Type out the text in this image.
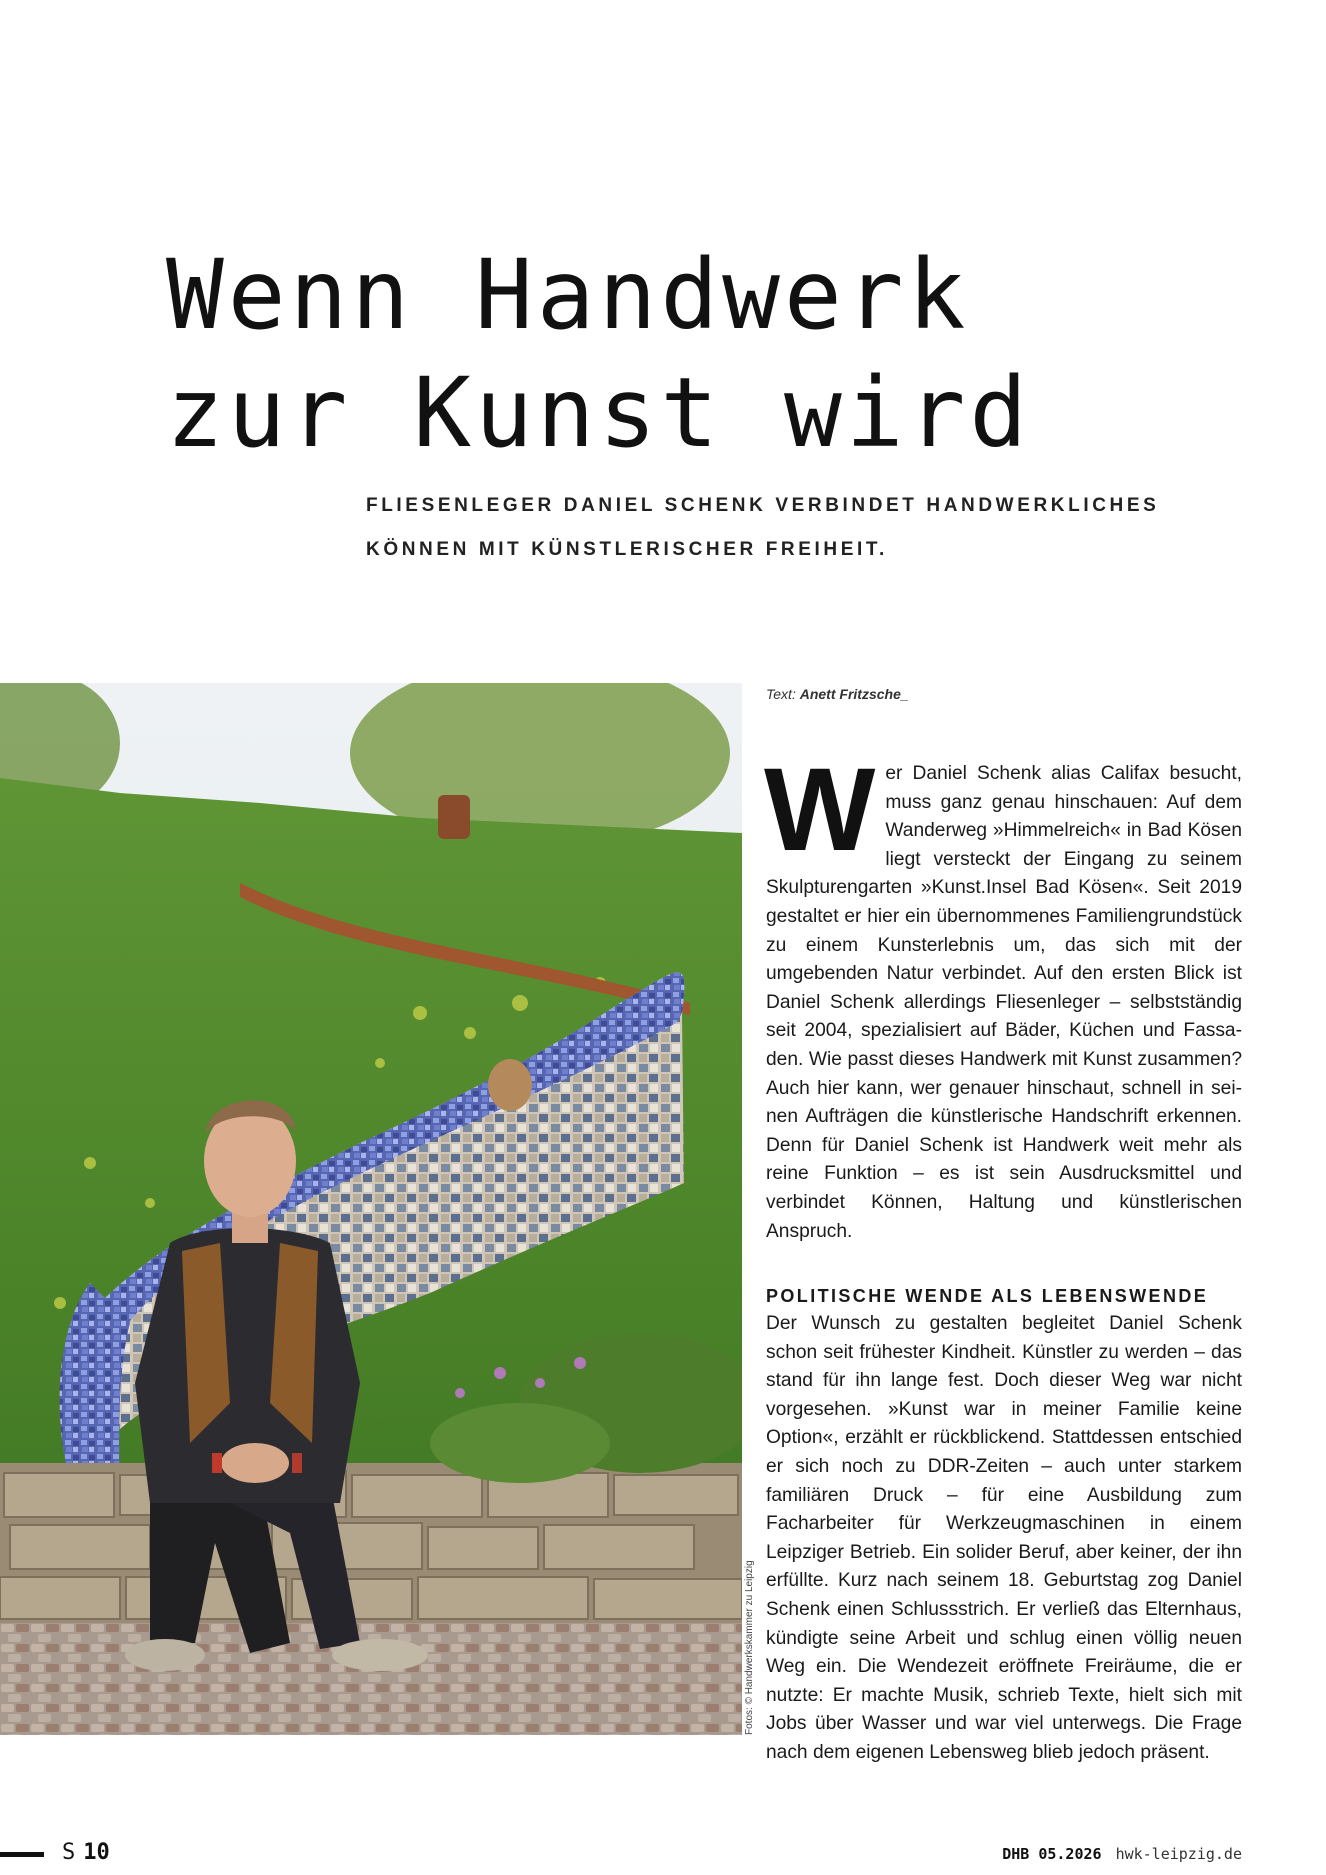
Wenn Handwerk
zur Kunst wird
FLIESENLEGER DANIEL SCHENK VERBINDET HANDWERKLICHES
KÖNNEN MIT KÜNSTLERISCHER FREIHEIT.
Fotos: © Handwerkskammer zu Leipzig
Text: Anett Fritzsche_

Wer Daniel Schenk alias Califax besucht, muss ganz genau hinschauen: Auf dem Wanderweg »Himmelreich« in Bad Kösen liegt versteckt der Eingang zu seinem Skulpturengarten »Kunst.Insel Bad Kösen«. Seit 2019 gestaltet er hier ein übernommenes Familiengrundstück zu einem Kunsterlebnis um, das sich mit der umgebenden Natur verbindet. Auf den ersten Blick ist Daniel Schenk allerdings Fliesenleger – selbstständig seit 2004, spezialisiert auf Bäder, Küchen und Fassaden. Wie passt dieses Handwerk mit Kunst zusammen? Auch hier kann, wer genauer hinschaut, schnell in seinen Aufträgen die künstlerische Handschrift erkennen. Denn für Daniel Schenk ist Handwerk weit mehr als reine Funktion – es ist sein Ausdrucksmittel und verbindet Können, Haltung und künstlerischen Anspruch.

POLITISCHE WENDE ALS LEBENSWENDE

Der Wunsch zu gestalten begleitet Daniel Schenk schon seit frühester Kindheit. Künstler zu werden – das stand für ihn lange fest. Doch dieser Weg war nicht vorgesehen. »Kunst war in meiner Familie keine Option«, erzählt er rückblickend. Stattdessen entschied er sich noch zu DDR-Zeiten – auch unter starkem familiären Druck – für eine Ausbildung zum Facharbeiter für Werkzeugmaschinen in einem Leipziger Betrieb. Ein solider Beruf, aber keiner, der ihn erfüllte. Kurz nach seinem 18. Geburtstag zog Daniel Schenk einen Schlussstrich. Er verließ das Elternhaus, kündigte seine Arbeit und schlug einen völlig neuen Weg ein. Die Wendezeit eröffnete Freiräume, die er nutzte: Er machte Musik, schrieb Texte, hielt sich mit Jobs über Wasser und war viel unterwegs. Die Frage nach dem eigenen Lebensweg blieb jedoch präsent.

S 10	DHB 05.2026 hwk-leipzig.de
